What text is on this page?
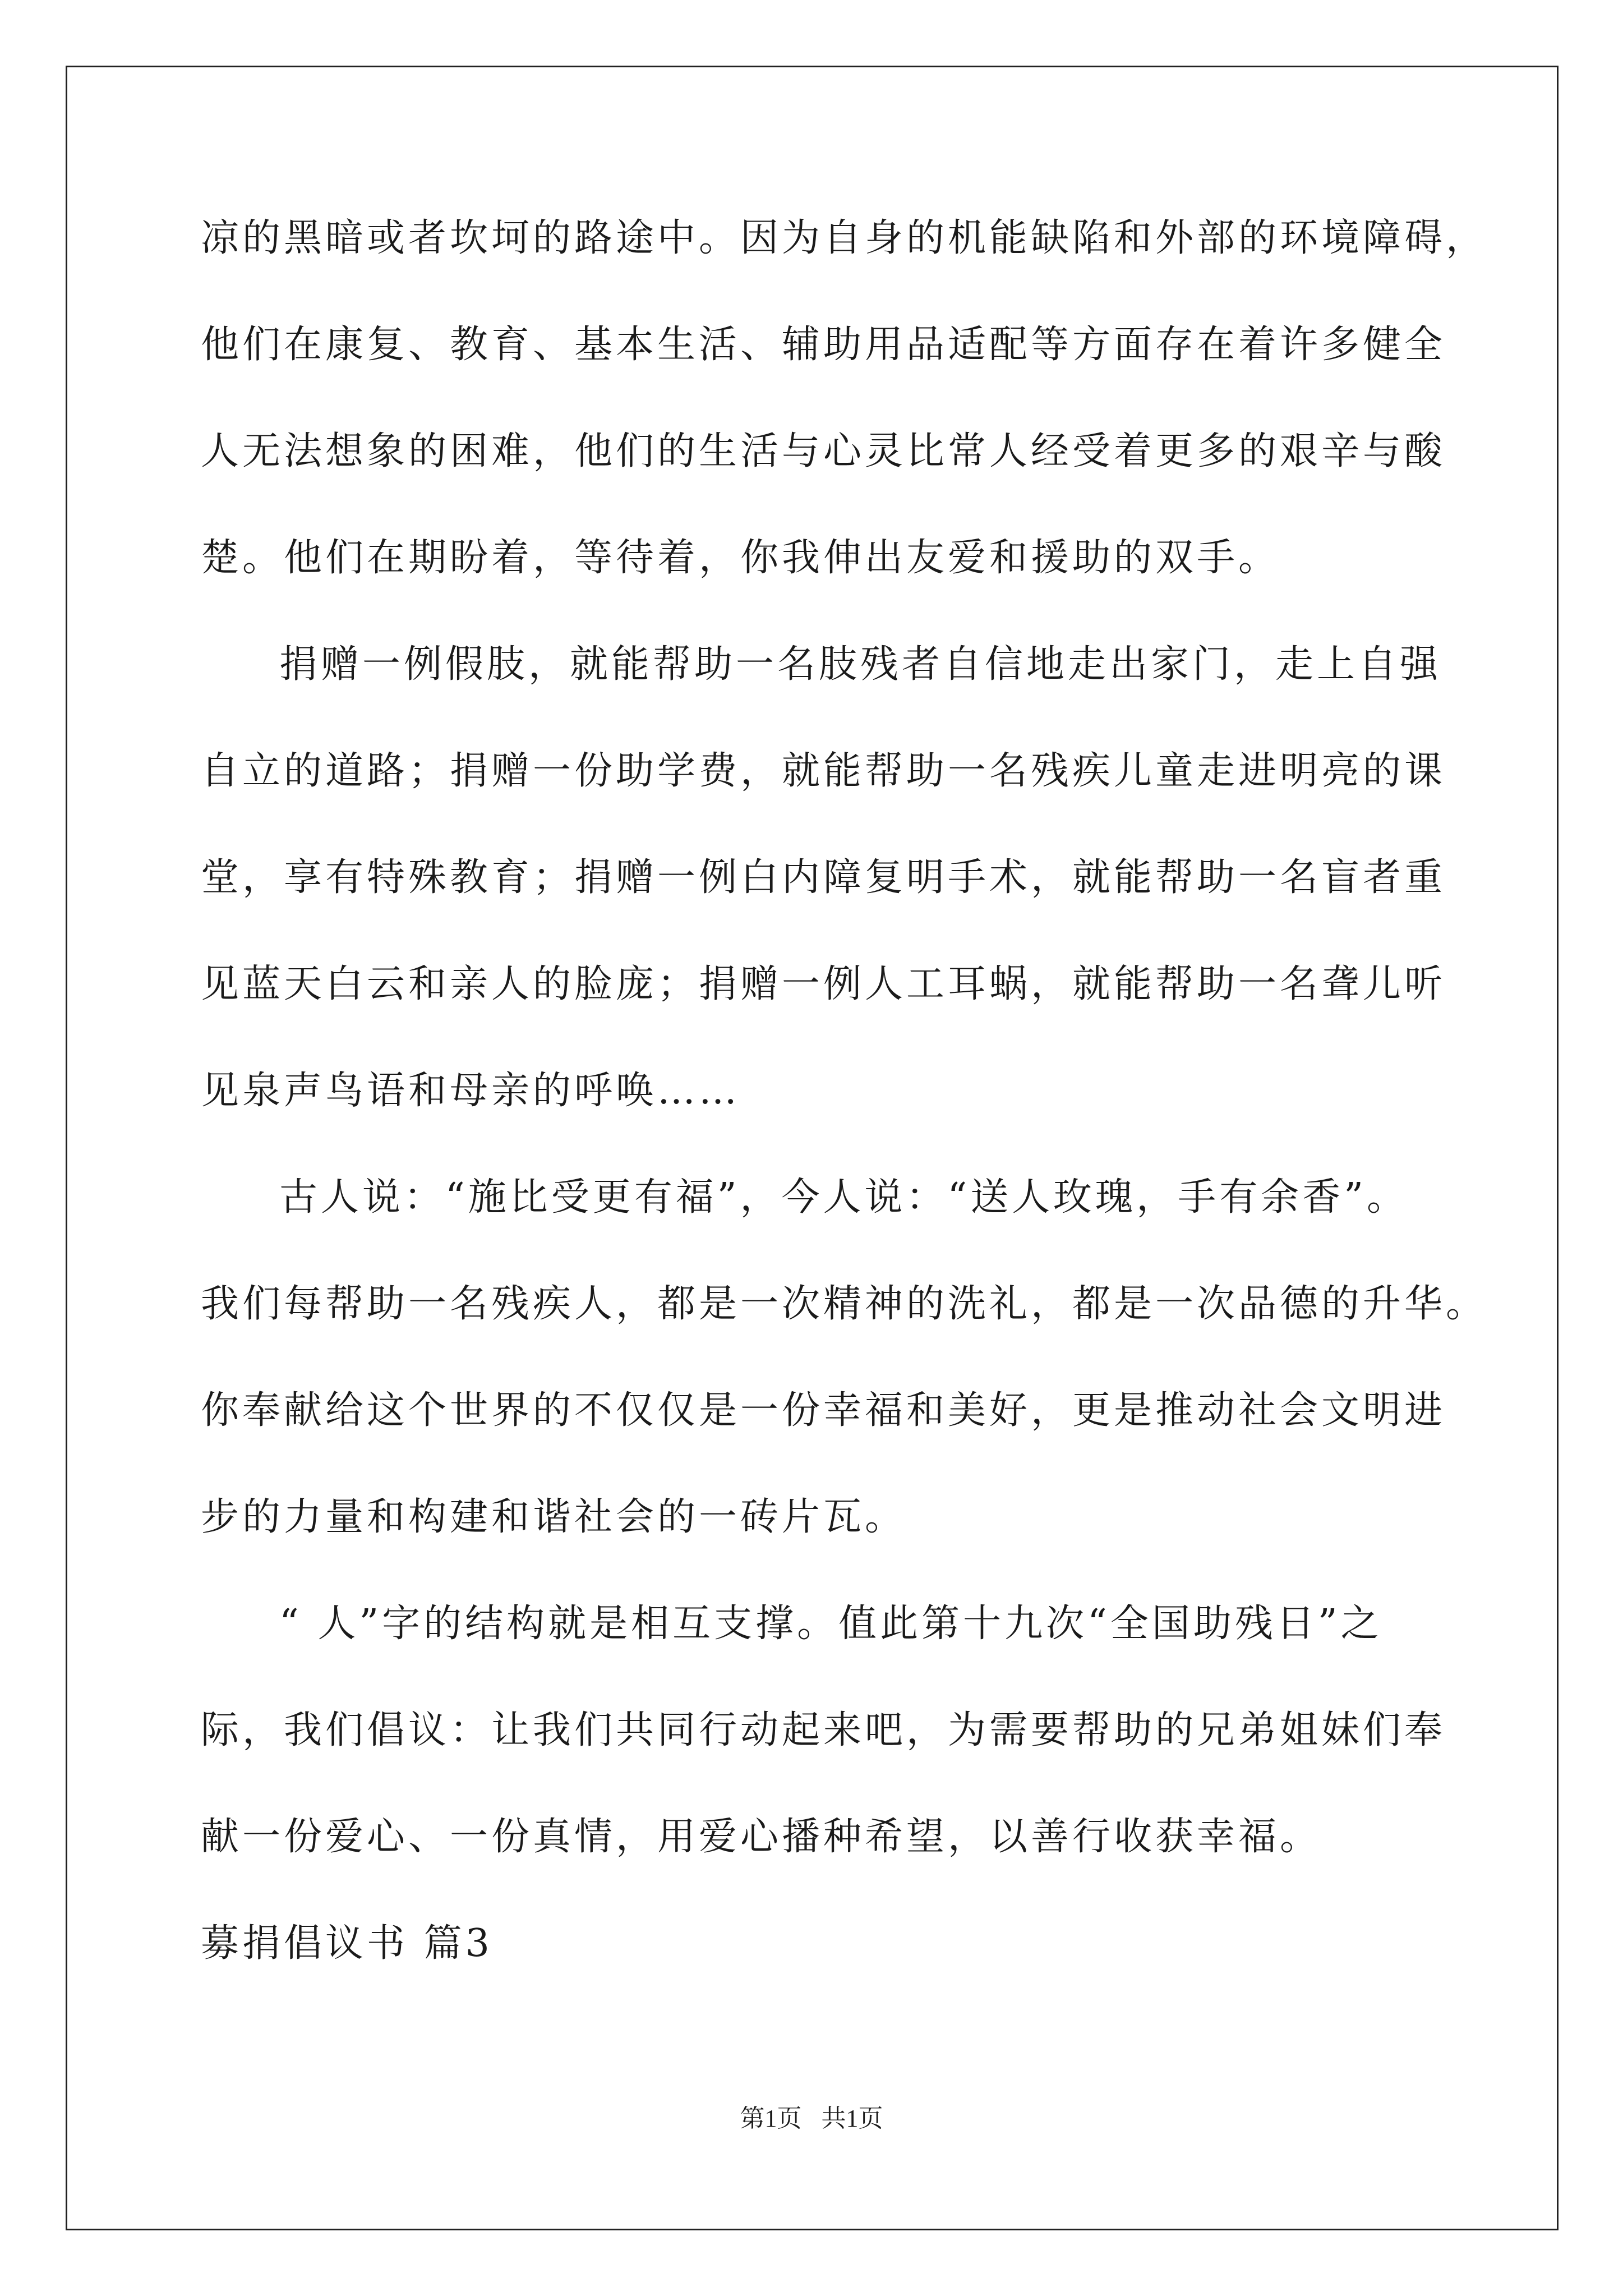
凉的黑暗或者坎坷的路途中。因为自身的机能缺陷和外部的环境障碍，
他们在康复、教育、基本生活、辅助用品适配等方面存在着许多健全
人无法想象的困难，他们的生活与心灵比常人经受着更多的艰辛与酸
楚。他们在期盼着，等待着，你我伸出友爱和援助的双手。
捐赠一例假肢，就能帮助一名肢残者自信地走出家门，走上自强
自立的道路；捐赠一份助学费，就能帮助一名残疾儿童走进明亮的课
堂，享有特殊教育；捐赠一例白内障复明手术，就能帮助一名盲者重
见蓝天白云和亲人的脸庞；捐赠一例人工耳蜗，就能帮助一名聋儿听
见泉声鸟语和母亲的呼唤……
古人说：“施比受更有福”，今人说：“送人玫瑰，手有余香”。
我们每帮助一名残疾人，都是一次精神的洗礼，都是一次品德的升华。
你奉献给这个世界的不仅仅是一份幸福和美好，更是推动社会文明进
步的力量和构建和谐社会的一砖片瓦。
“ 人”字的结构就是相互支撑。值此第十九次“全国助残日”之
际，我们倡议：让我们共同行动起来吧，为需要帮助的兄弟姐妹们奉
献一份爱心、一份真情，用爱心播种希望，以善行收获幸福。
募捐倡议书 篇3
第1页 共1页
